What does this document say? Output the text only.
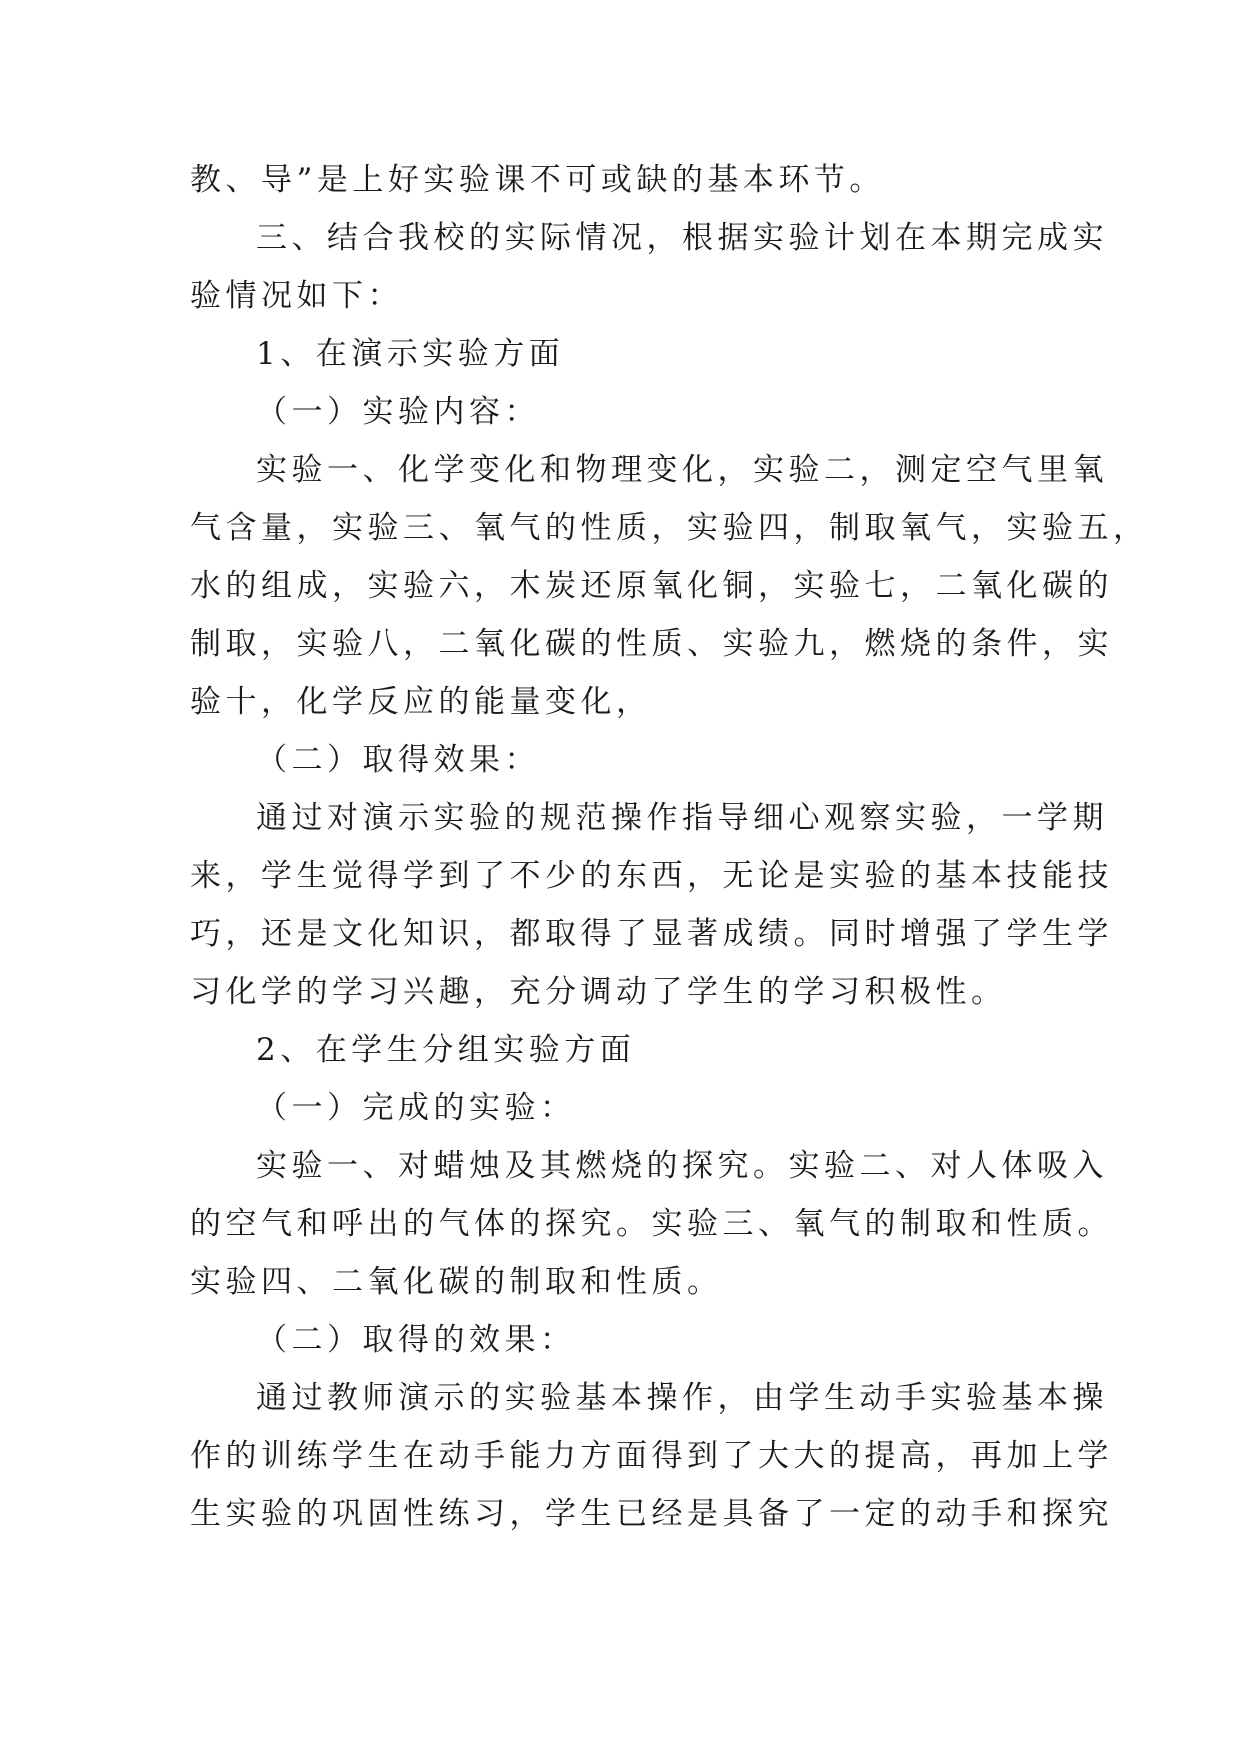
教、导”是上好实验课不可或缺的基本环节。
三、结合我校的实际情况，根据实验计划在本期完成实
验情况如下：
1、在演示实验方面
（一）实验内容：
实验一、化学变化和物理变化，实验二，测定空气里氧
气含量，实验三、氧气的性质，实验四，制取氧气，实验五，
水的组成，实验六，木炭还原氧化铜，实验七，二氧化碳的
制取，实验八，二氧化碳的性质、实验九，燃烧的条件，实
验十，化学反应的能量变化，
（二）取得效果：
通过对演示实验的规范操作指导细心观察实验，一学期
来，学生觉得学到了不少的东西，无论是实验的基本技能技
巧，还是文化知识，都取得了显著成绩。同时增强了学生学
习化学的学习兴趣，充分调动了学生的学习积极性。
2、在学生分组实验方面
（一）完成的实验：
实验一、对蜡烛及其燃烧的探究。实验二、对人体吸入
的空气和呼出的气体的探究。实验三、氧气的制取和性质。
实验四、二氧化碳的制取和性质。
（二）取得的效果：
通过教师演示的实验基本操作，由学生动手实验基本操
作的训练学生在动手能力方面得到了大大的提高，再加上学
生实验的巩固性练习，学生已经是具备了一定的动手和探究
